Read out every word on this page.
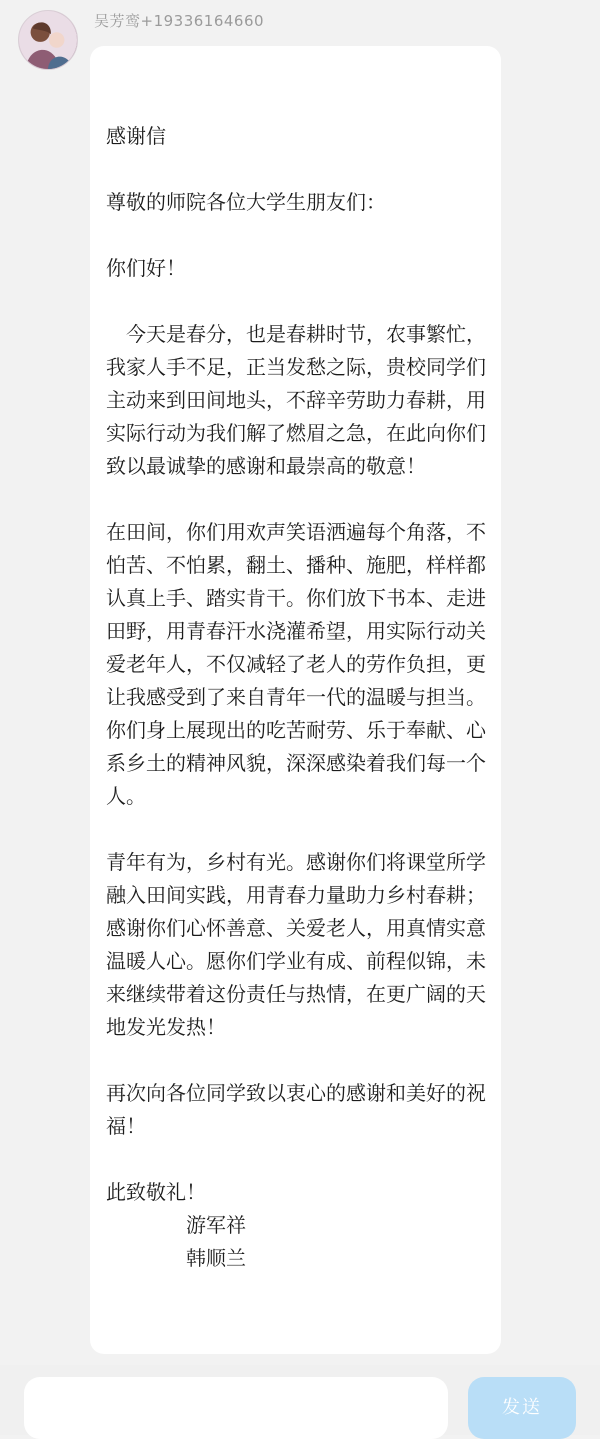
吴芳鸾+19336164660

感谢信

尊敬的师院各位大学生朋友们：

你们好！

今天是春分，也是春耕时节，农事繁忙，我家人手不足，正当发愁之际，贵校同学们主动来到田间地头，不辞辛劳助力春耕，用实际行动为我们解了燃眉之急，在此向你们致以最诚挚的感谢和最崇高的敬意！

在田间，你们用欢声笑语洒遍每个角落，不怕苦、不怕累，翻土、播种、施肥，样样都认真上手、踏实肯干。你们放下书本、走进田野，用青春汗水浇灌希望，用实际行动关爱老年人，不仅减轻了老人的劳作负担，更让我感受到了来自青年一代的温暖与担当。你们身上展现出的吃苦耐劳、乐于奉献、心系乡土的精神风貌，深深感染着我们每一个人。

青年有为，乡村有光。感谢你们将课堂所学融入田间实践，用青春力量助力乡村春耕；感谢你们心怀善意、关爱老人，用真情实意温暖人心。愿你们学业有成、前程似锦，未来继续带着这份责任与热情，在更广阔的天地发光发热！

再次向各位同学致以衷心的感谢和美好的祝福！

此致敬礼！

游军祥
韩顺兰
发送
